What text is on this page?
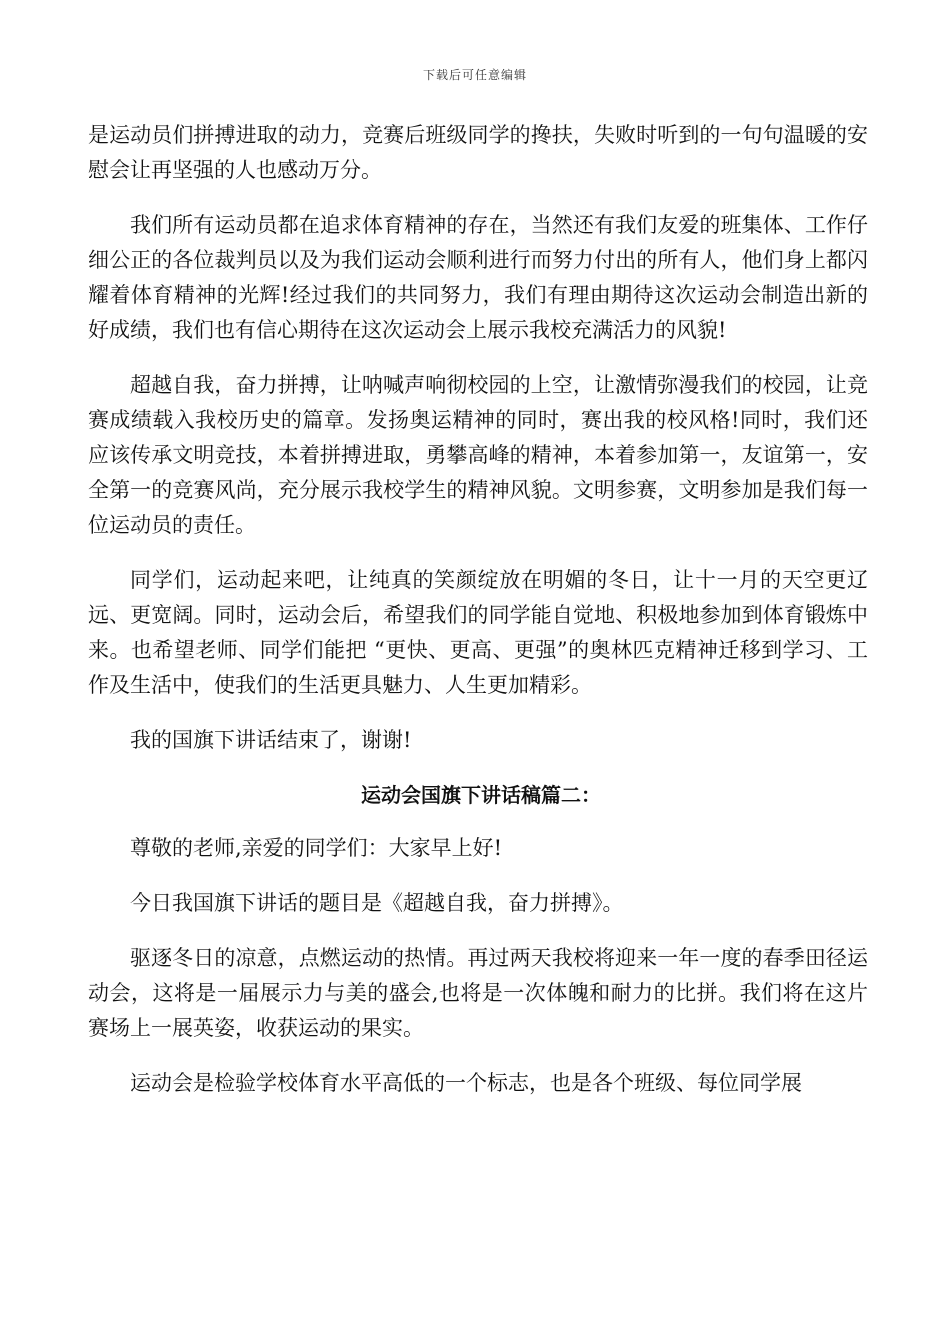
下载后可任意编辑

是运动员们拼搏进取的动力，竞赛后班级同学的搀扶，失败时听到的一句句温暖的安慰会让再坚强的人也感动万分。

我们所有运动员都在追求体育精神的存在，当然还有我们友爱的班集体、工作仔细公正的各位裁判员以及为我们运动会顺利进行而努力付出的所有人，他们身上都闪耀着体育精神的光辉!经过我们的共同努力，我们有理由期待这次运动会制造出新的好成绩，我们也有信心期待在这次运动会上展示我校充满活力的风貌!

超越自我，奋力拼搏，让呐喊声响彻校园的上空，让激情弥漫我们的校园，让竞赛成绩载入我校历史的篇章。发扬奥运精神的同时，赛出我的校风格!同时，我们还应该传承文明竞技，本着拼搏进取，勇攀高峰的精神，本着参加第一，友谊第一，安全第一的竞赛风尚，充分展示我校学生的精神风貌。文明参赛，文明参加是我们每一位运动员的责任。

同学们，运动起来吧，让纯真的笑颜绽放在明媚的冬日，让十一月的天空更辽远、更宽阔。同时，运动会后，希望我们的同学能自觉地、积极地参加到体育锻炼中来。也希望老师、同学们能把 “更快、更高、更强”的奥林匹克精神迁移到学习、工作及生活中，使我们的生活更具魅力、人生更加精彩。

我的国旗下讲话结束了，谢谢!

运动会国旗下讲话稿篇二：

尊敬的老师,亲爱的同学们：大家早上好!

今日我国旗下讲话的题目是《超越自我，奋力拼搏》。

驱逐冬日的凉意，点燃运动的热情。再过两天我校将迎来一年一度的春季田径运动会，这将是一届展示力与美的盛会,也将是一次体魄和耐力的比拼。我们将在这片赛场上一展英姿，收获运动的果实。

运动会是检验学校体育水平高低的一个标志，也是各个班级、每位同学展
